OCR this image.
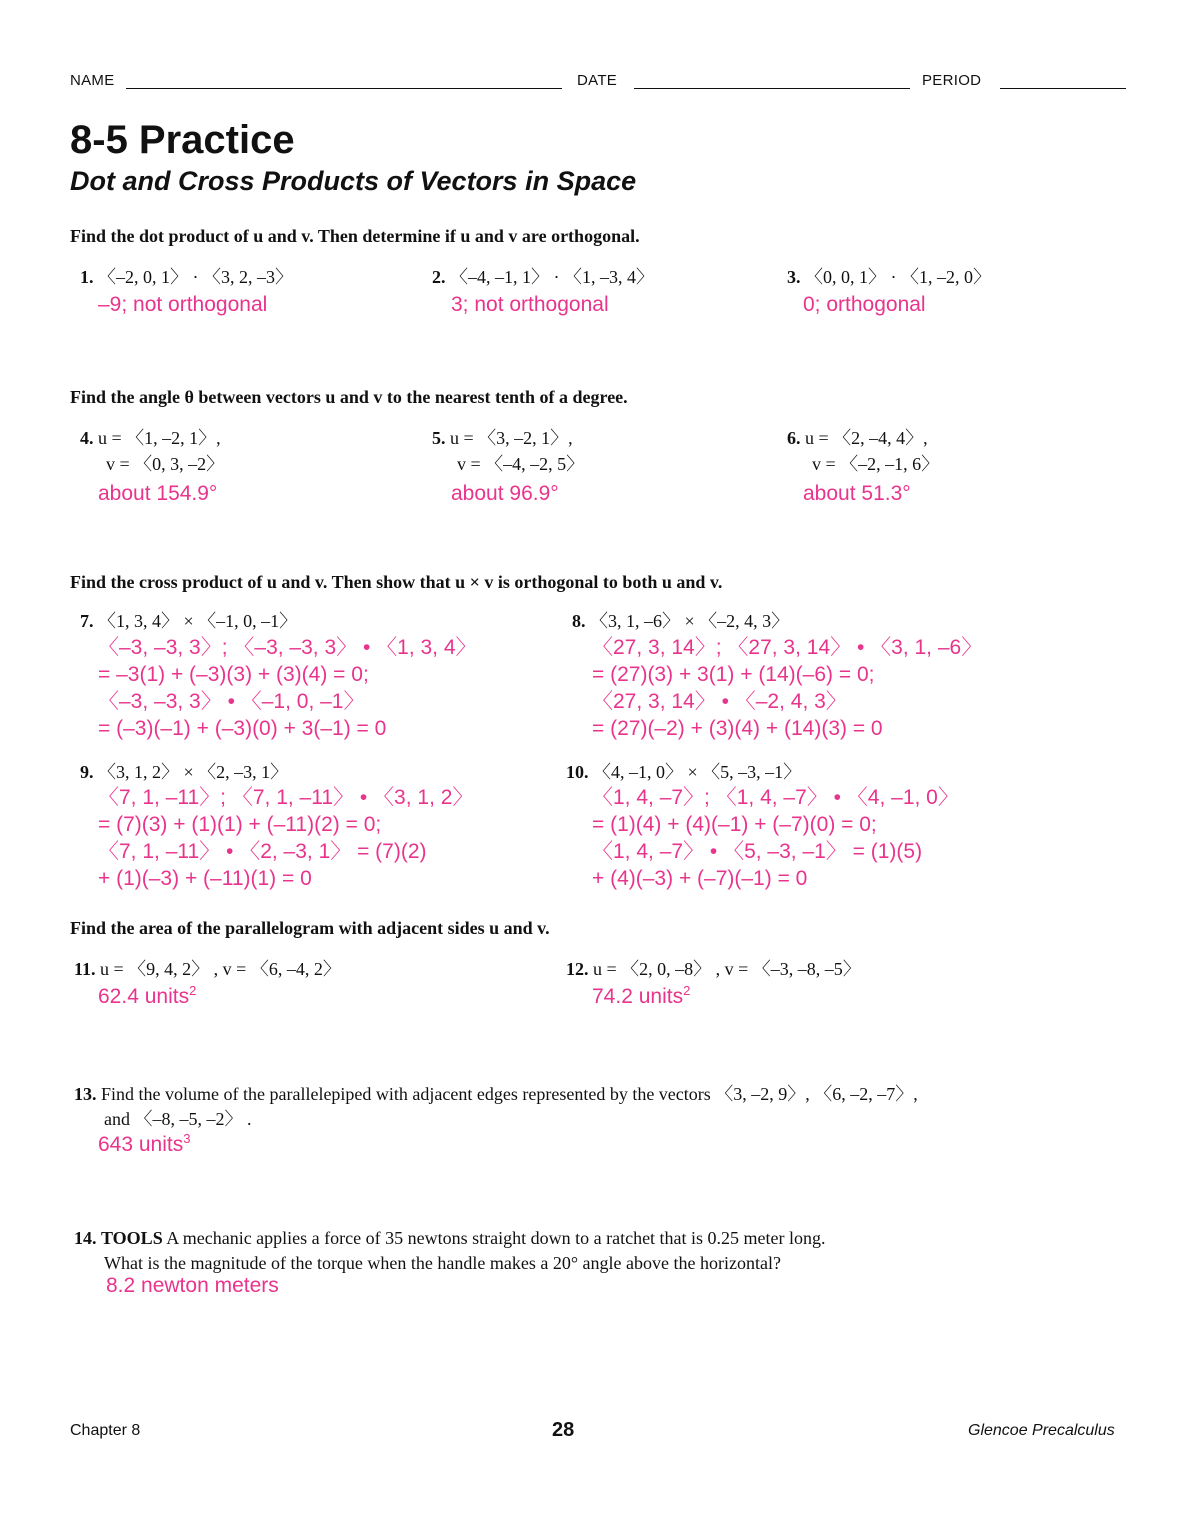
NAME	DATE	PERIOD
8-5 Practice
Dot and Cross Products of Vectors in Space
Find the dot product of u and v. Then determine if u and v are orthogonal.
1. 〈–2, 0, 1〉 · 〈3, 2, –3〉
–9; not orthogonal
2. 〈–4, –1, 1〉 · 〈1, –3, 4〉
3; not orthogonal
3. 〈0, 0, 1〉 · 〈1, –2, 0〉
0; orthogonal
Find the angle θ between vectors u and v to the nearest tenth of a degree.
4. u = 〈1, –2, 1〉,
v = 〈0, 3, –2〉
about 154.9°
5. u = 〈3, –2, 1〉,
v = 〈–4, –2, 5〉
about 96.9°
6. u = 〈2, –4, 4〉,
v = 〈–2, –1, 6〉
about 51.3°
Find the cross product of u and v. Then show that u × v is orthogonal to both u and v.
7. 〈1, 3, 4〉 × 〈–1, 0, –1〉
〈–3, –3, 3〉; 〈–3, –3, 3〉 • 〈1, 3, 4〉
= –3(1) + (–3)(3) + (3)(4) = 0;
〈–3, –3, 3〉 • 〈–1, 0, –1〉
= (–3)(–1) + (–3)(0) + 3(–1) = 0
8. 〈3, 1, –6〉 × 〈–2, 4, 3〉
〈27, 3, 14〉; 〈27, 3, 14〉 • 〈3, 1, –6〉
= (27)(3) + 3(1) + (14)(–6) = 0;
〈27, 3, 14〉 • 〈–2, 4, 3〉
= (27)(–2) + (3)(4) + (14)(3) = 0
9. 〈3, 1, 2〉 × 〈2, –3, 1〉
〈7, 1, –11〉; 〈7, 1, –11〉 • 〈3, 1, 2〉
= (7)(3) + (1)(1) + (–11)(2) = 0;
〈7, 1, –11〉 • 〈2, –3, 1〉 = (7)(2)
+ (1)(–3) + (–11)(1) = 0
10. 〈4, –1, 0〉 × 〈5, –3, –1〉
〈1, 4, –7〉; 〈1, 4, –7〉 • 〈4, –1, 0〉
= (1)(4) + (4)(–1) + (–7)(0) = 0;
〈1, 4, –7〉 • 〈5, –3, –1〉 = (1)(5)
+ (4)(–3) + (–7)(–1) = 0
Find the area of the parallelogram with adjacent sides u and v.
11. u = 〈9, 4, 2〉 , v = 〈6, –4, 2〉
62.4 units$^2$
12. u = 〈2, 0, –8〉 , v = 〈–3, –8, –5〉
74.2 units$^2$
13. Find the volume of the parallelepiped with adjacent edges represented by the vectors 〈3, –2, 9〉, 〈6, –2, –7〉,
and 〈–8, –5, –2〉 .
643 units$^3$
14. TOOLS A mechanic applies a force of 35 newtons straight down to a ratchet that is 0.25 meter long.
What is the magnitude of the torque when the handle makes a 20° angle above the horizontal?
8.2 newton meters
Chapter 8	28	Glencoe Precalculus
